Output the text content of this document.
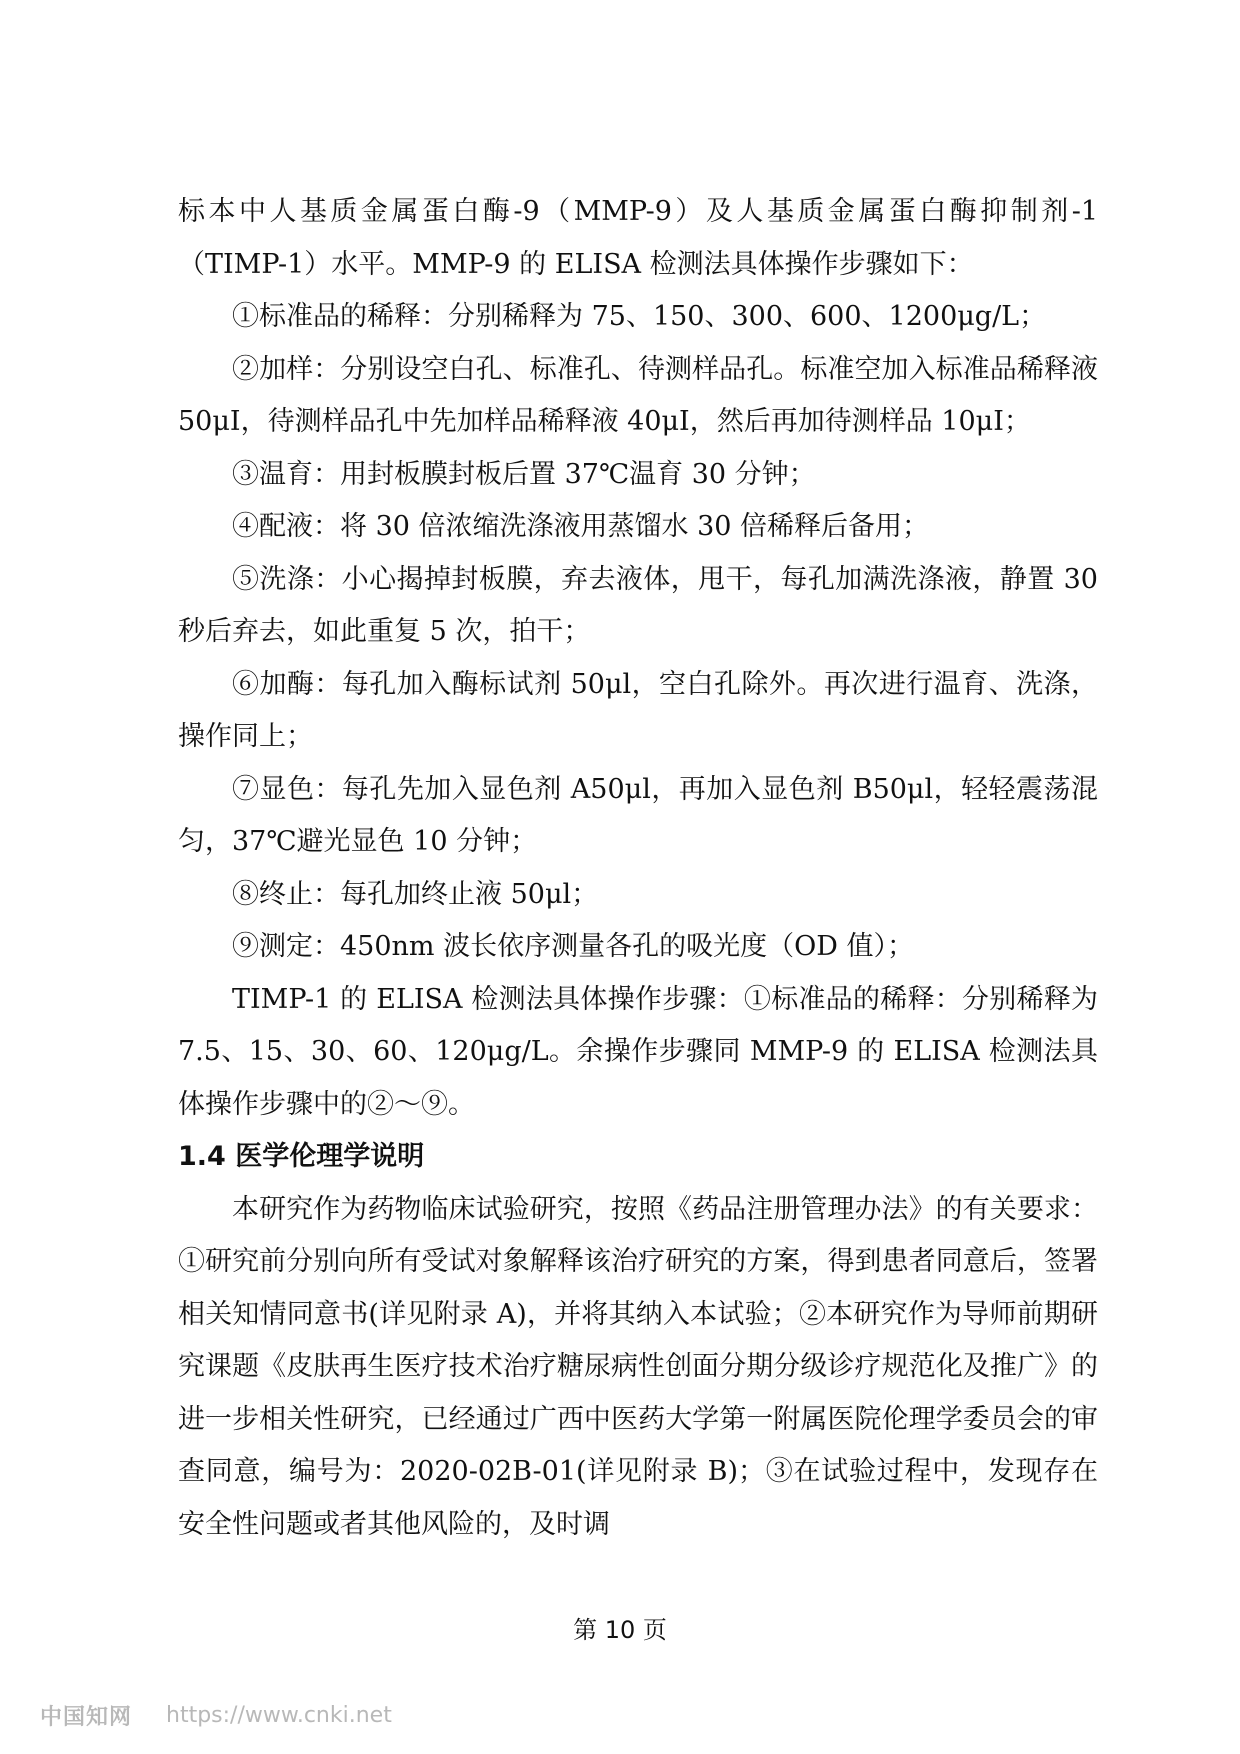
标本中人基质金属蛋白酶-9（MMP-9）及人基质金属蛋白酶抑制剂-1（TIMP-1）水平。MMP-9 的 ELISA 检测法具体操作步骤如下：

①标准品的稀释：分别稀释为 75、150、300、600、1200μg/L；

②加样：分别设空白孔、标准孔、待测样品孔。标准空加入标准品稀释液 50μI，待测样品孔中先加样品稀释液 40μI，然后再加待测样品 10μI；

③温育：用封板膜封板后置 37℃温育 30 分钟；

④配液：将 30 倍浓缩洗涤液用蒸馏水 30 倍稀释后备用；

⑤洗涤：小心揭掉封板膜，弃去液体，甩干，每孔加满洗涤液，静置 30 秒后弃去，如此重复 5 次，拍干；

⑥加酶：每孔加入酶标试剂 50μl，空白孔除外。再次进行温育、洗涤，操作同上；

⑦显色：每孔先加入显色剂 A50μl，再加入显色剂 B50μl，轻轻震荡混匀，37℃避光显色 10 分钟；

⑧终止：每孔加终止液 50μl；

⑨测定：450nm 波长依序测量各孔的吸光度（OD 值）；

TIMP-1 的 ELISA 检测法具体操作步骤：①标准品的稀释：分别稀释为 7.5、15、30、60、120μg/L。余操作步骤同 MMP-9 的 ELISA 检测法具体操作步骤中的②～⑨。

1.4 医学伦理学说明

本研究作为药物临床试验研究，按照《药品注册管理办法》的有关要求：①研究前分别向所有受试对象解释该治疗研究的方案，得到患者同意后，签署相关知情同意书(详见附录 A)，并将其纳入本试验；②本研究作为导师前期研究课题《皮肤再生医疗技术治疗糖尿病性创面分期分级诊疗规范化及推广》的进一步相关性研究，已经通过广西中医药大学第一附属医院伦理学委员会的审查同意，编号为：2020-02B-01(详见附录 B)；③在试验过程中，发现存在安全性问题或者其他风险的，及时调

第 10 页
中国知网 https://www.cnki.net
